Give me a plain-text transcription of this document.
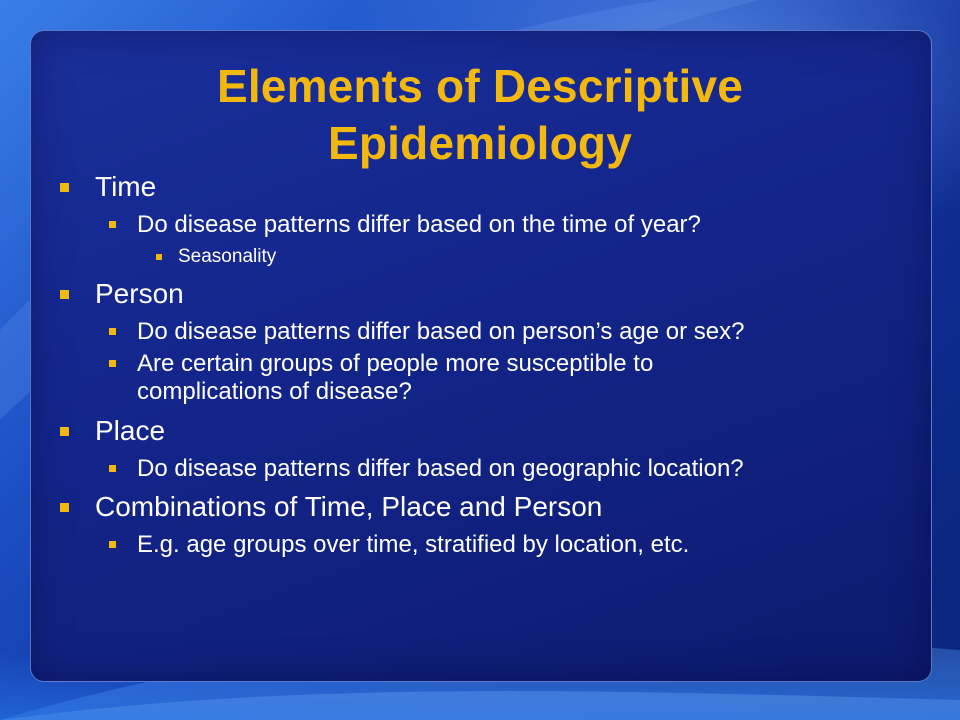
Elements of Descriptive
Epidemiology
Time
Do disease patterns differ based on the time of year?
Seasonality
Person
Do disease patterns differ based on person’s age or sex?
Are certain groups of people more susceptible to
complications of disease?
Place
Do disease patterns differ based on geographic location?
Combinations of Time, Place and Person
E.g. age groups over time, stratified by location, etc.
